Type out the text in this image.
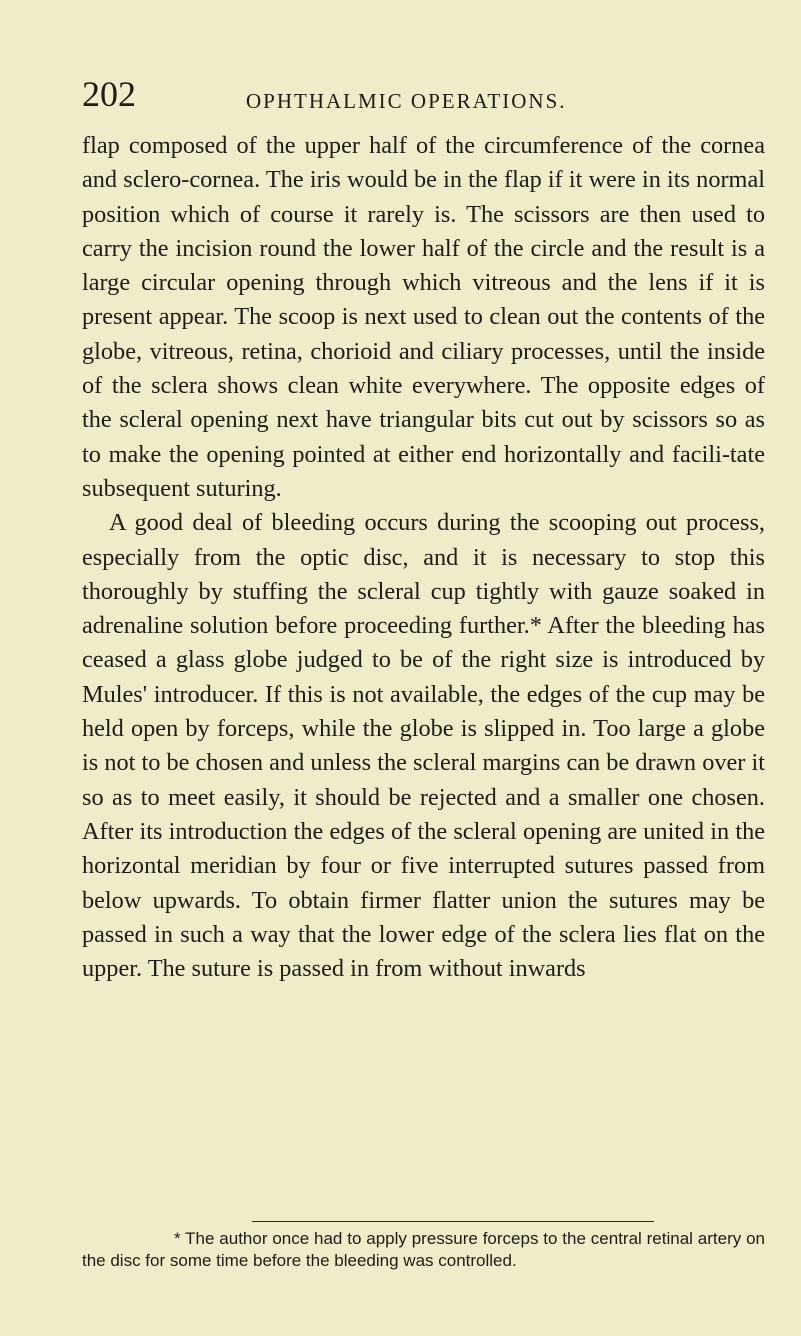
202	OPHTHALMIC OPERATIONS.

flap composed of the upper half of the circumference of the cornea and sclero-cornea. The iris would be in the flap if it were in its normal position which of course it rarely is. The scissors are then used to carry the incision round the lower half of the circle and the result is a large circular opening through which vitreous and the lens if it is present appear. The scoop is next used to clean out the contents of the globe, vitreous, retina, chorioid and ciliary processes, until the inside of the sclera shows clean white everywhere. The opposite edges of the scleral opening next have triangular bits cut out by scissors so as to make the opening pointed at either end horizontally and facili-tate subsequent suturing.

A good deal of bleeding occurs during the scooping out process, especially from the optic disc, and it is necessary to stop this thoroughly by stuffing the scleral cup tightly with gauze soaked in adrenaline solution before proceeding further.* After the bleeding has ceased a glass globe judged to be of the right size is introduced by Mules' introducer. If this is not available, the edges of the cup may be held open by forceps, while the globe is slipped in. Too large a globe is not to be chosen and unless the scleral margins can be drawn over it so as to meet easily, it should be rejected and a smaller one chosen. After its introduction the edges of the scleral opening are united in the horizontal meridian by four or five interrupted sutures passed from below upwards. To obtain firmer flatter union the sutures may be passed in such a way that the lower edge of the sclera lies flat on the upper. The suture is passed in from without inwards

* The author once had to apply pressure forceps to the central retinal artery on the disc for some time before the bleeding was controlled.
